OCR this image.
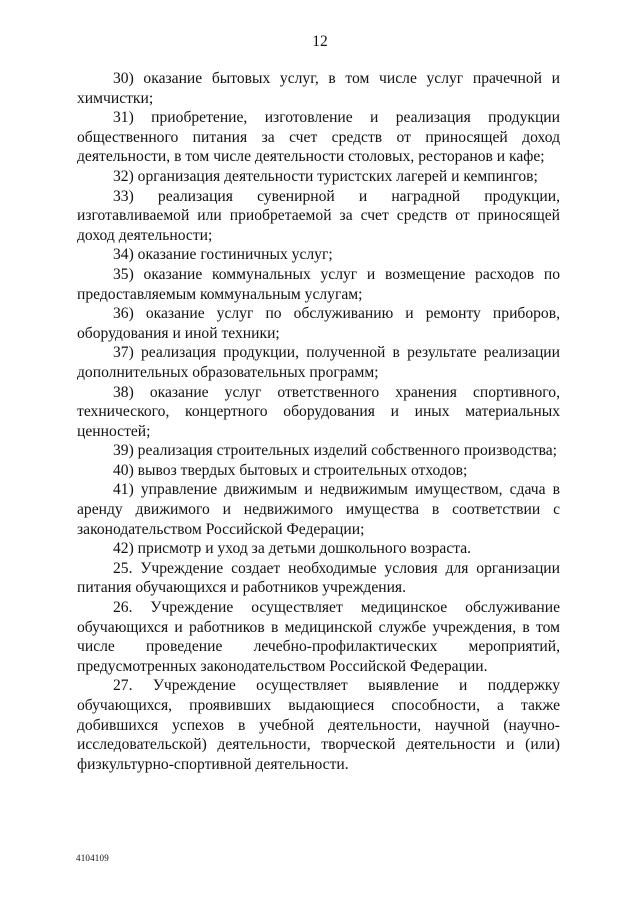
12

30) оказание бытовых услуг, в том числе услуг прачечной и химчистки;

31) приобретение, изготовление и реализация продукции общественного питания за счет средств от приносящей доход деятельности, в том числе деятельности столовых, ресторанов и кафе;

32) организация деятельности туристских лагерей и кемпингов;

33) реализация сувенирной и наградной продукции, изготавливаемой или приобретаемой за счет средств от приносящей доход деятельности;

34) оказание гостиничных услуг;

35) оказание коммунальных услуг и возмещение расходов по предоставляемым коммунальным услугам;

36) оказание услуг по обслуживанию и ремонту приборов, оборудования и иной техники;

37) реализация продукции, полученной в результате реализации дополнительных образовательных программ;

38) оказание услуг ответственного хранения спортивного, технического, концертного оборудования и иных материальных ценностей;

39) реализация строительных изделий собственного производства;

40) вывоз твердых бытовых и строительных отходов;

41) управление движимым и недвижимым имуществом, сдача в аренду движимого и недвижимого имущества в соответствии с законодательством Российской Федерации;

42) присмотр и уход за детьми дошкольного возраста.

25. Учреждение создает необходимые условия для организации питания обучающихся и работников учреждения.

26. Учреждение осуществляет медицинское обслуживание обучающихся и работников в медицинской службе учреждения, в том числе проведение лечебно-профилактических мероприятий, предусмотренных законодательством Российской Федерации.

27. Учреждение осуществляет выявление и поддержку обучающихся, проявивших выдающиеся способности, а также добившихся успехов в учебной деятельности, научной (научно-исследовательской) деятельности, творческой деятельности и (или) физкультурно-спортивной деятельности.

4104109
